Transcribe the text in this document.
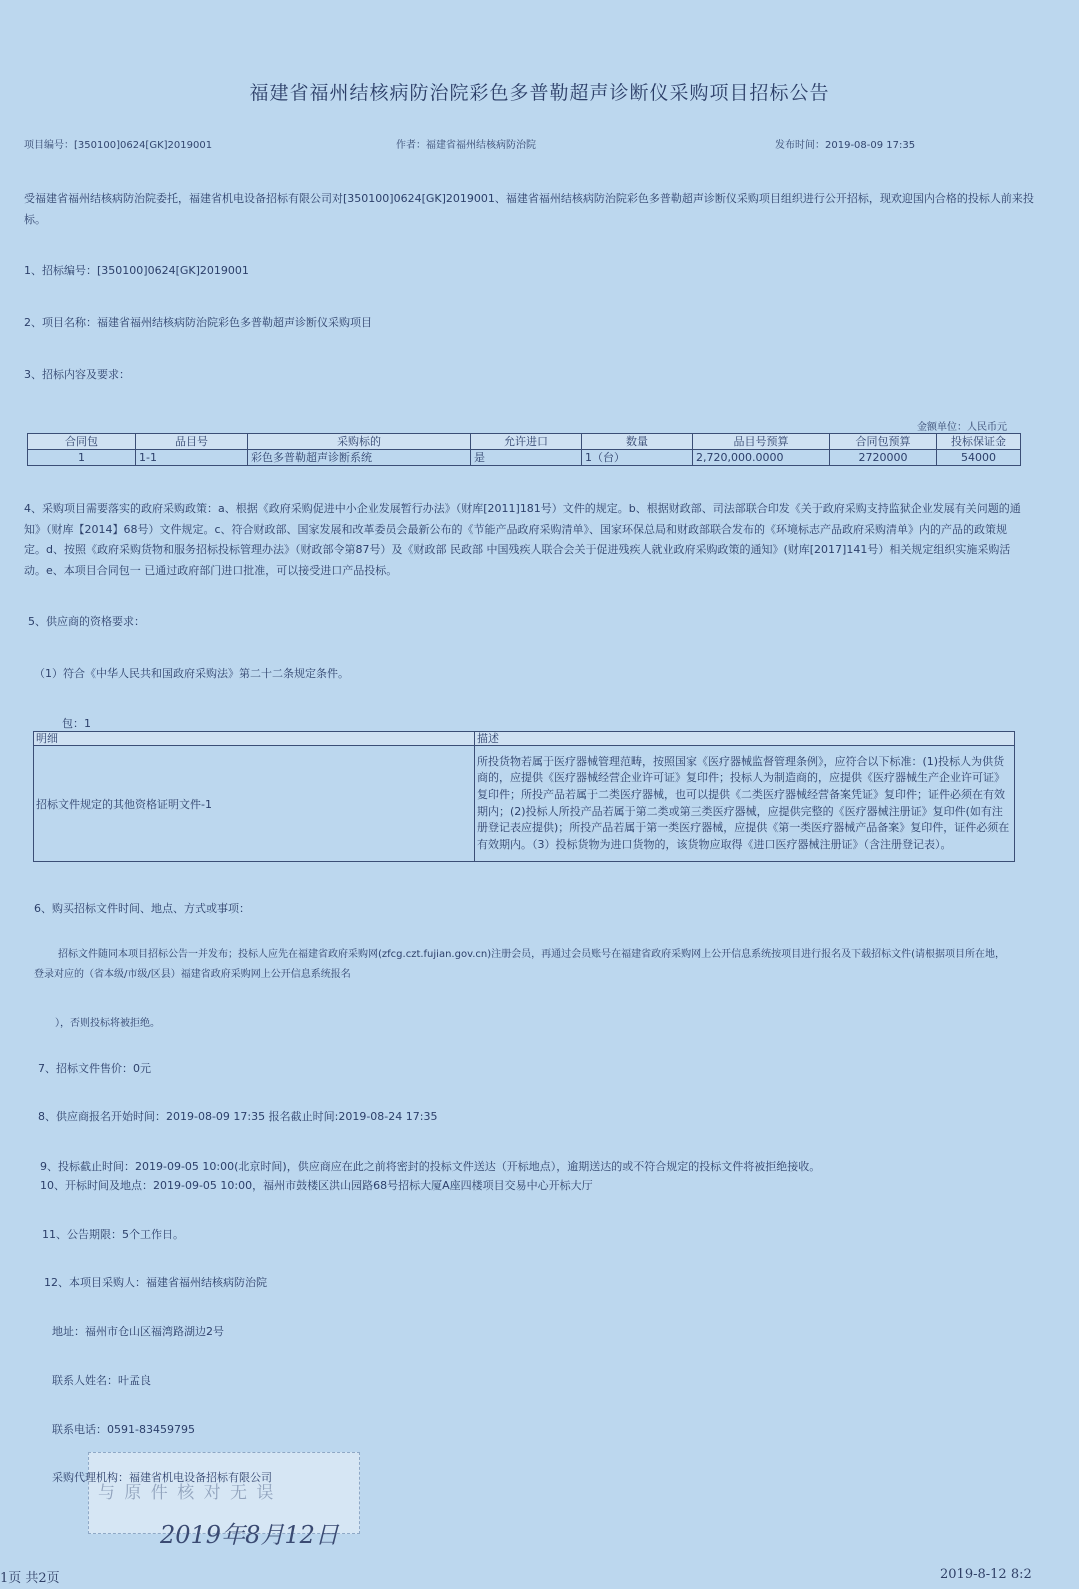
福建省福州结核病防治院彩色多普勒超声诊断仪采购项目招标公告
项目编号：[350100]0624[GK]2019001	作者：福建省福州结核病防治院	发布时间：2019-08-09 17:35
受福建省福州结核病防治院委托，福建省机电设备招标有限公司对[350100]0624[GK]2019001、福建省福州结核病防治院彩色多普勒超声诊断仪采购项目组织进行公开招标，现欢迎国内合格的投标人前来投标。
1、招标编号：[350100]0624[GK]2019001
2、项目名称：福建省福州结核病防治院彩色多普勒超声诊断仪采购项目
3、招标内容及要求：
金额单位：人民币元
合同包	品目号	采购标的	允许进口	数量	品目号预算	合同包预算	投标保证金
1	1-1	彩色多普勒超声诊断系统	是	1（台）	2,720,000.0000	2720000	54000
4、采购项目需要落实的政府采购政策：a、根据《政府采购促进中小企业发展暂行办法》（财库[2011]181号）文件的规定。b、根据财政部、司法部联合印发《关于政府采购支持监狱企业发展有关问题的通知》（财库【2014】68号）文件规定。c、符合财政部、国家发展和改革委员会最新公布的《节能产品政府采购清单》、国家环保总局和财政部联合发布的《环境标志产品政府采购清单》内的产品的政策规定。d、按照《政府采购货物和服务招标投标管理办法》（财政部令第87号）及《财政部 民政部 中国残疾人联合会关于促进残疾人就业政府采购政策的通知》(财库[2017]141号）相关规定组织实施采购活动。e、本项目合同包一 已通过政府部门进口批准，可以接受进口产品投标。
5、供应商的资格要求：
（1）符合《中华人民共和国政府采购法》第二十二条规定条件。
包：1
明细	描述
招标文件规定的其他资格证明文件-1	所投货物若属于医疗器械管理范畴，按照国家《医疗器械监督管理条例》，应符合以下标准：(1)投标人为供货商的，应提供《医疗器械经营企业许可证》复印件；投标人为制造商的，应提供《医疗器械生产企业许可证》复印件；所投产品若属于二类医疗器械，也可以提供《二类医疗器械经营备案凭证》复印件；证件必须在有效期内；(2)投标人所投产品若属于第二类或第三类医疗器械，应提供完整的《医疗器械注册证》复印件(如有注册登记表应提供)；所投产品若属于第一类医疗器械，应提供《第一类医疗器械产品备案》复印件，证件必须在有效期内。（3）投标货物为进口货物的，该货物应取得《进口医疗器械注册证》（含注册登记表）。
6、购买招标文件时间、地点、方式或事项：
招标文件随同本项目招标公告一并发布；投标人应先在福建省政府采购网(zfcg.czt.fujian.gov.cn)注册会员，再通过会员账号在福建省政府采购网上公开信息系统按项目进行报名及下载招标文件(请根据项目所在地，登录对应的（省本级/市级/区县）福建省政府采购网上公开信息系统报名
），否则投标将被拒绝。
7、招标文件售价：0元
8、供应商报名开始时间：2019-08-09 17:35 报名截止时间:2019-08-24 17:35
9、投标截止时间：2019-09-05 10:00(北京时间)，供应商应在此之前将密封的投标文件送达（开标地点），逾期送达的或不符合规定的投标文件将被拒绝接收。
10、开标时间及地点：2019-09-05 10:00，福州市鼓楼区洪山园路68号招标大厦A座四楼项目交易中心开标大厅
11、公告期限：5个工作日。
12、本项目采购人：福建省福州结核病防治院
地址：福州市仓山区福湾路湖边2号
联系人姓名：叶孟良
联系电话：0591-83459795
采购代理机构：福建省机电设备招标有限公司
与 原 件 核 对 无 误
2019年8月12日
1页 共2页	2019-8-12 8:2
